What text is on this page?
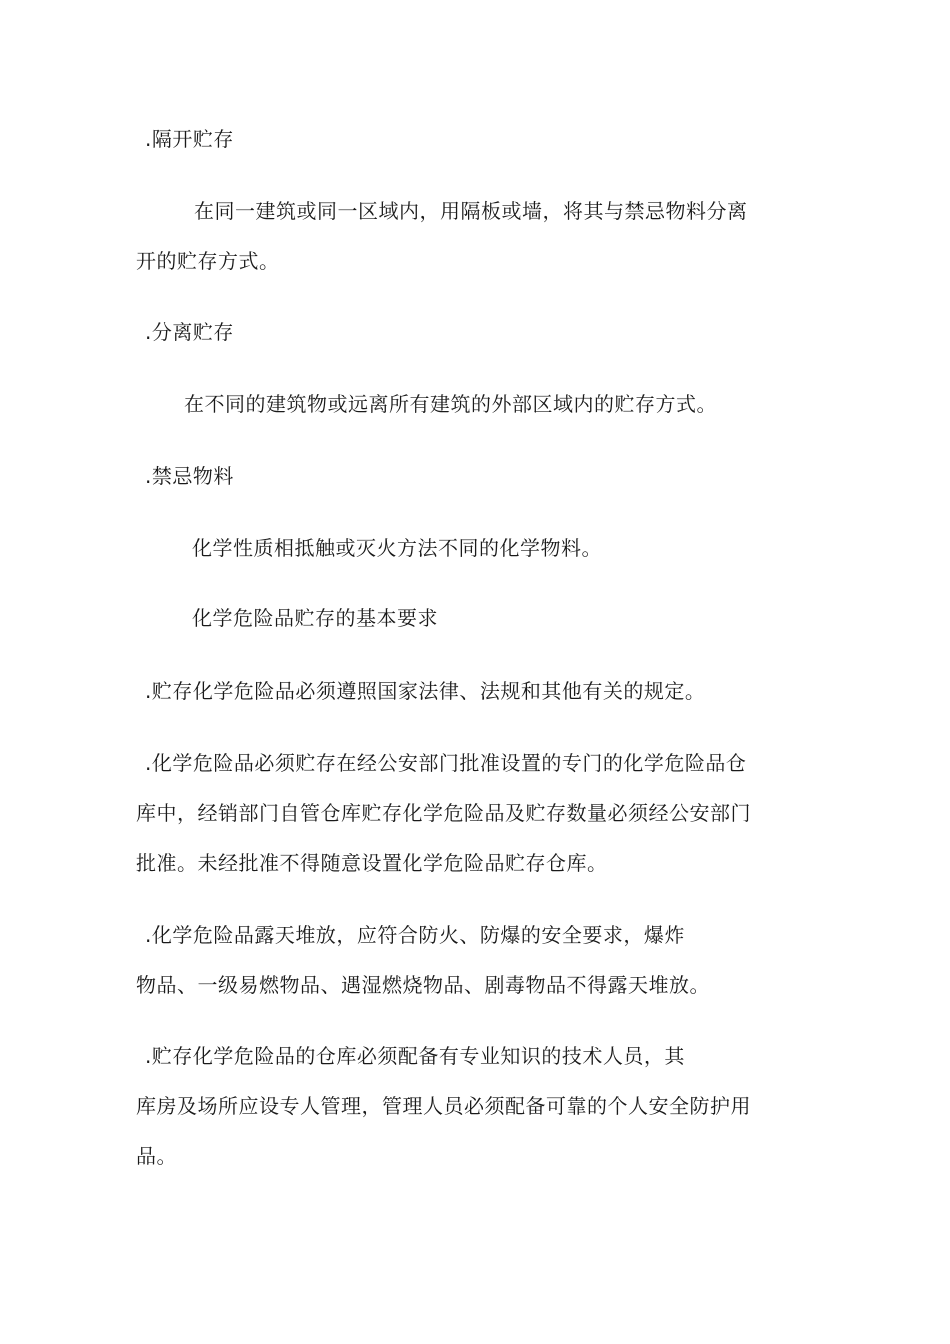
.隔开贮存
在同一建筑或同一区域内，用隔板或墙，将其与禁忌物料分离
开的贮存方式。
.分离贮存
在不同的建筑物或远离所有建筑的外部区域内的贮存方式。
.禁忌物料
化学性质相抵触或灭火方法不同的化学物料。
化学危险品贮存的基本要求
.贮存化学危险品必须遵照国家法律、法规和其他有关的规定。
.化学危险品必须贮存在经公安部门批准设置的专门的化学危险品仓
库中，经销部门自管仓库贮存化学危险品及贮存数量必须经公安部门
批准。未经批准不得随意设置化学危险品贮存仓库。
.化学危险品露天堆放，应符合防火、防爆的安全要求，爆炸
物品、一级易燃物品、遇湿燃烧物品、剧毒物品不得露天堆放。
.贮存化学危险品的仓库必须配备有专业知识的技术人员，其
库房及场所应设专人管理，管理人员必须配备可靠的个人安全防护用
品。
